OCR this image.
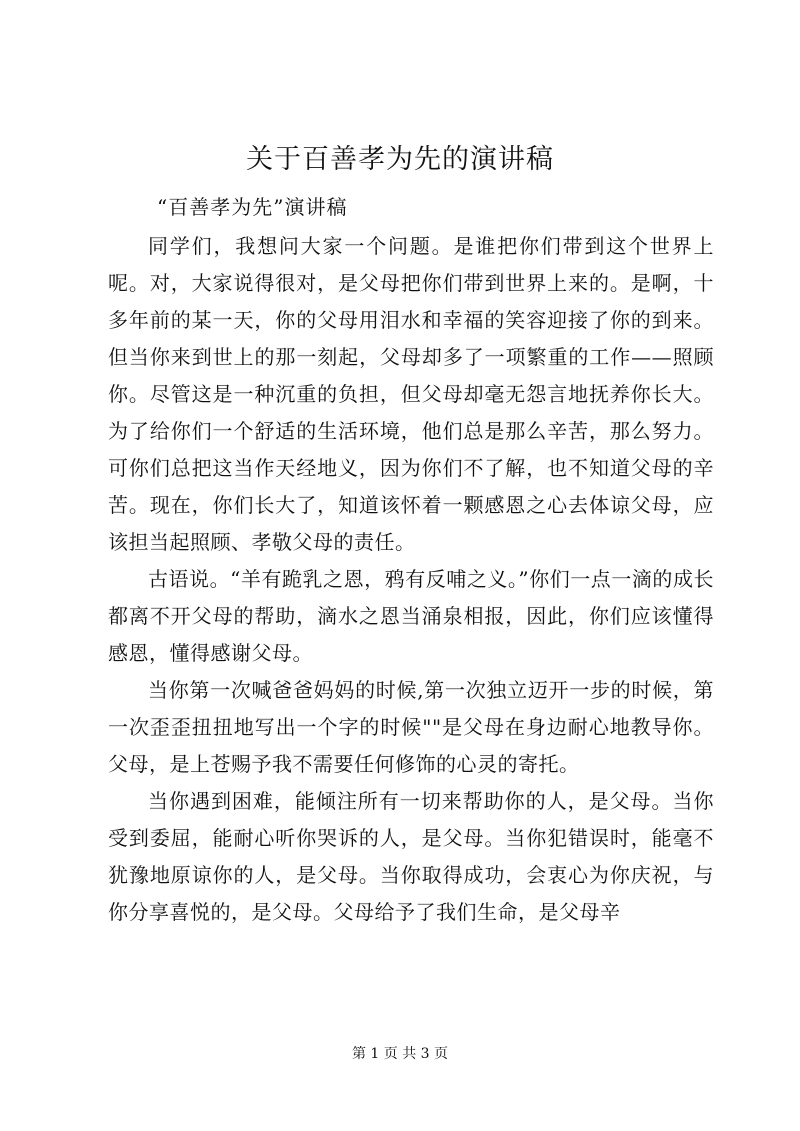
关于百善孝为先的演讲稿
“百善孝为先”演讲稿

同学们，我想问大家一个问题。是谁把你们带到这个世界上呢。对，大家说得很对，是父母把你们带到世界上来的。是啊，十多年前的某一天，你的父母用泪水和幸福的笑容迎接了你的到来。但当你来到世上的那一刻起，父母却多了一项繁重的工作——照顾你。尽管这是一种沉重的负担，但父母却毫无怨言地抚养你长大。为了给你们一个舒适的生活环境，他们总是那么辛苦，那么努力。可你们总把这当作天经地义，因为你们不了解，也不知道父母的辛苦。现在，你们长大了，知道该怀着一颗感恩之心去体谅父母，应该担当起照顾、孝敬父母的责任。

古语说。“羊有跪乳之恩，鸦有反哺之义。”你们一点一滴的成长都离不开父母的帮助，滴水之恩当涌泉相报，因此，你们应该懂得感恩，懂得感谢父母。

当你第一次喊爸爸妈妈的时候,第一次独立迈开一步的时候，第一次歪歪扭扭地写出一个字的时候""是父母在身边耐心地教导你。父母，是上苍赐予我不需要任何修饰的心灵的寄托。

当你遇到困难，能倾注所有一切来帮助你的人，是父母。当你受到委屈，能耐心听你哭诉的人，是父母。当你犯错误时，能毫不犹豫地原谅你的人，是父母。当你取得成功，会衷心为你庆祝，与你分享喜悦的，是父母。父母给予了我们生命，是父母辛

第 1 页 共 3 页
